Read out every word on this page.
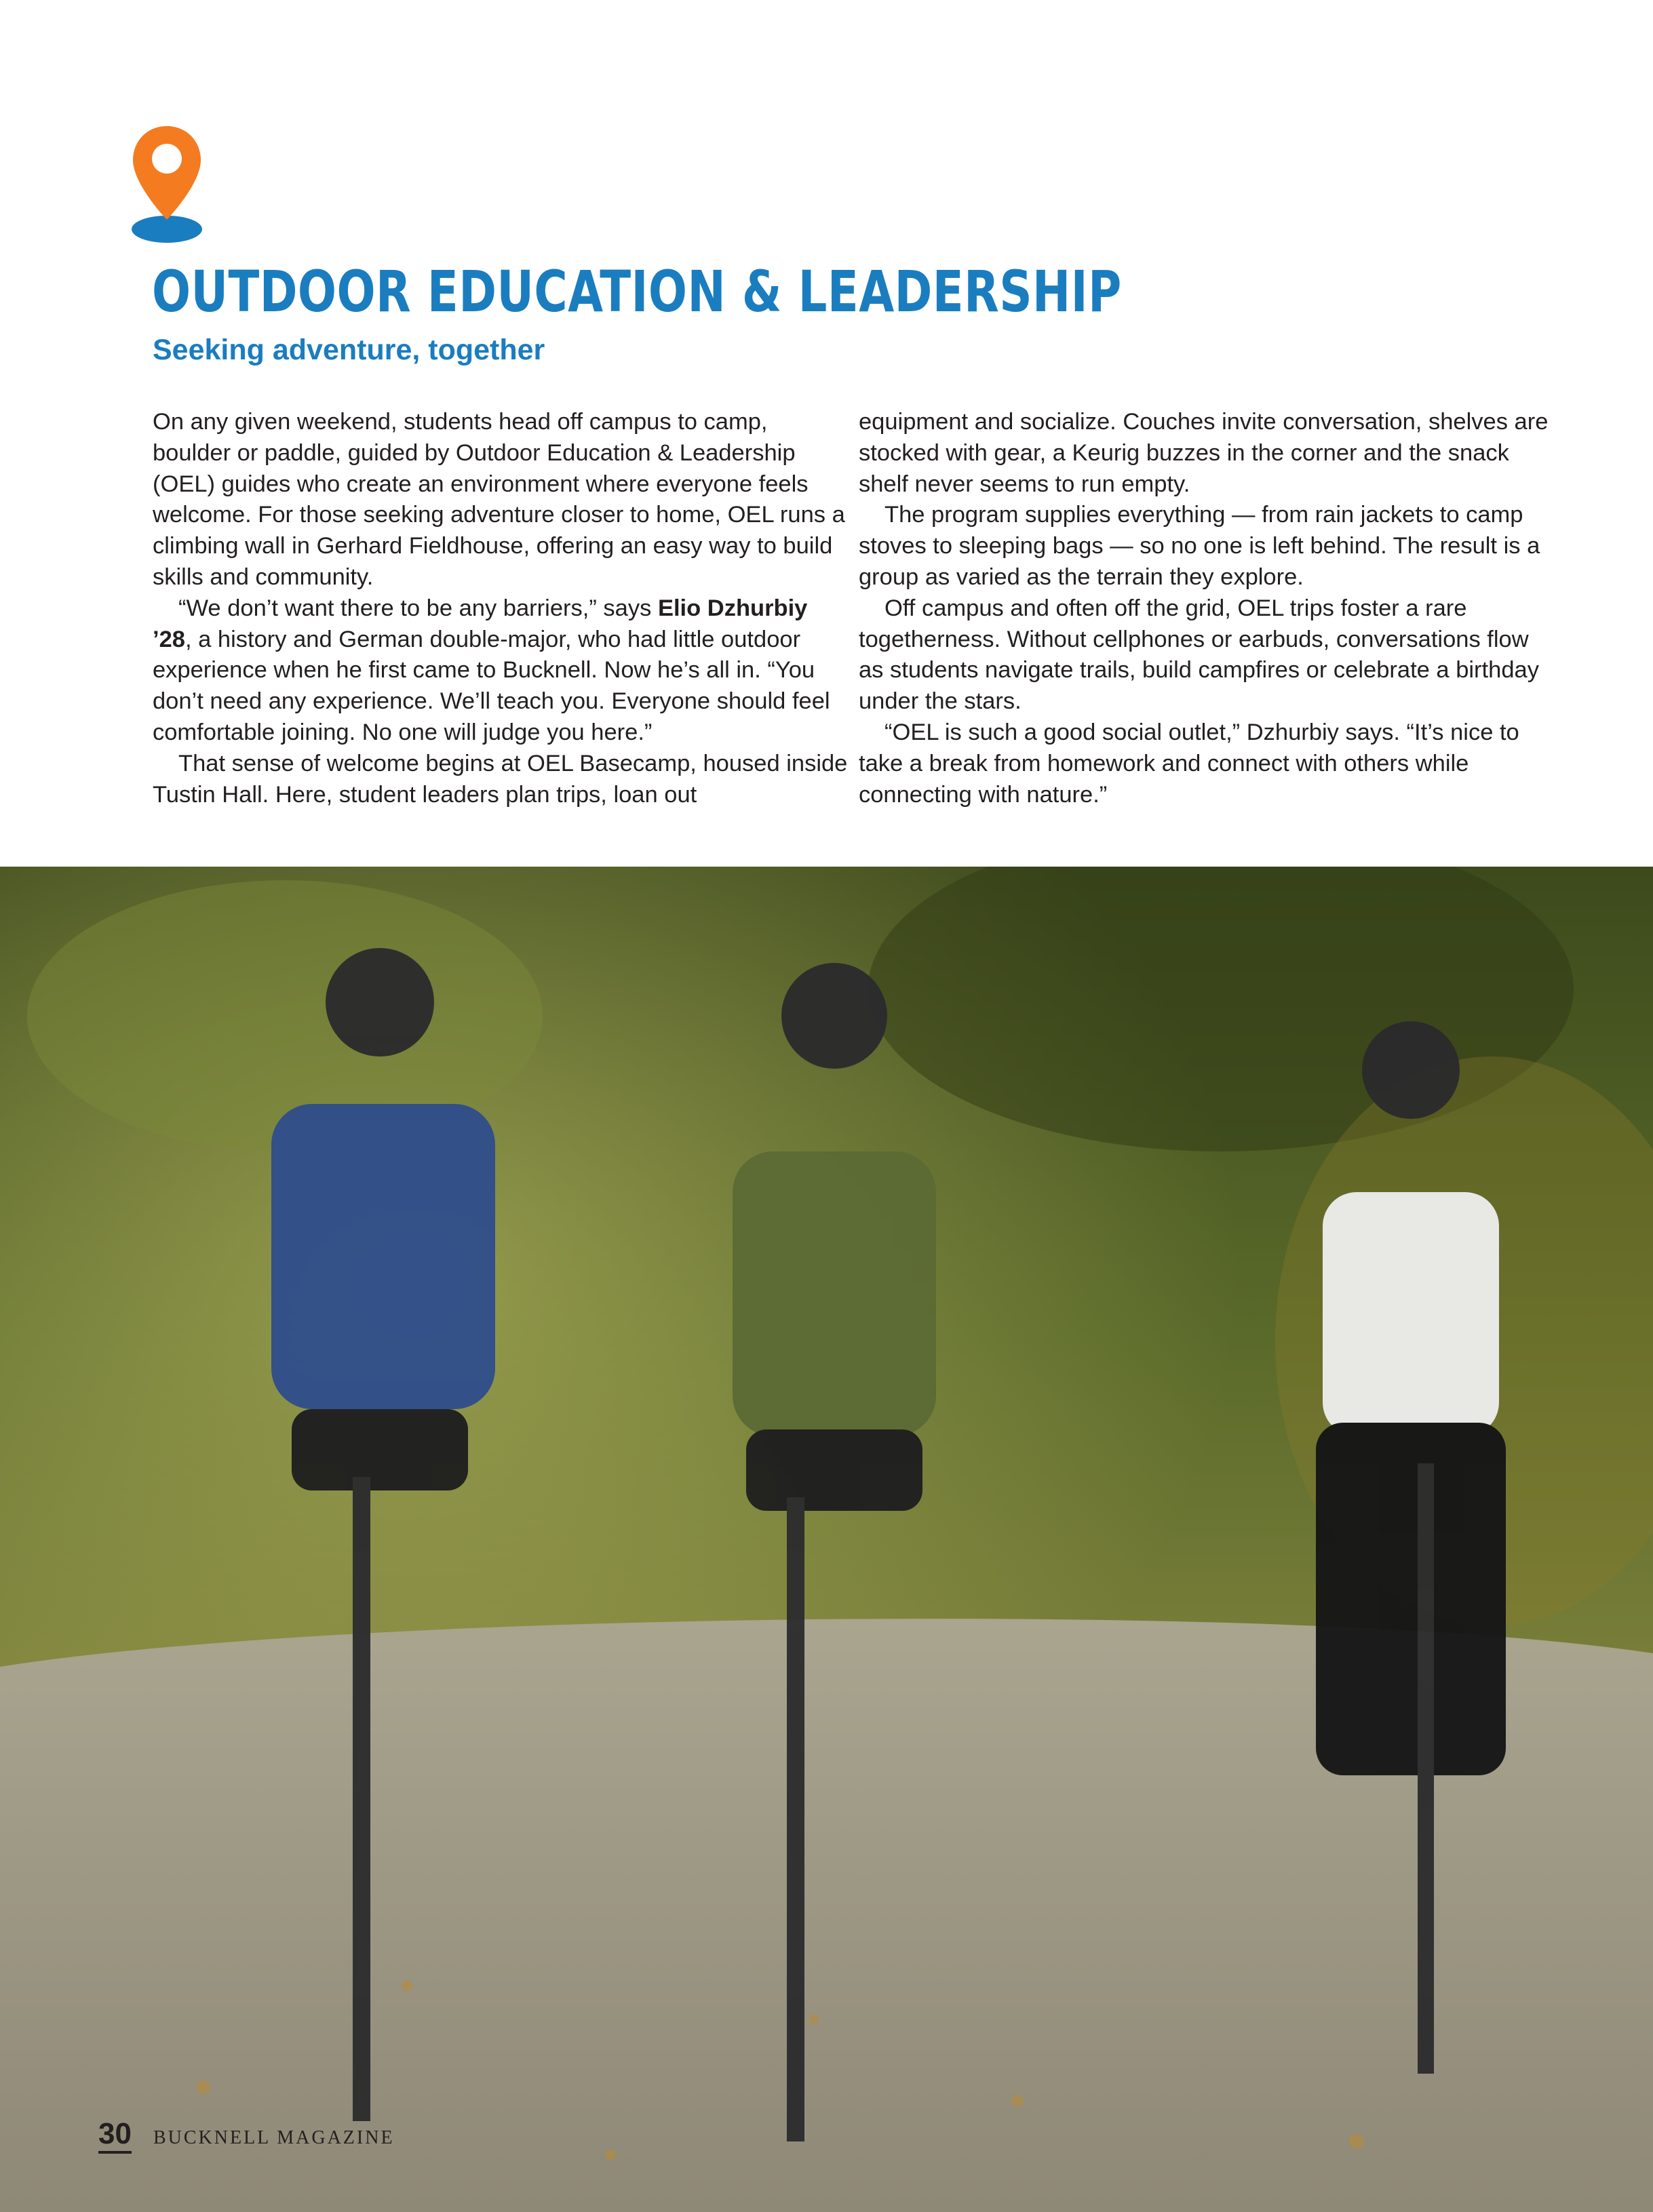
OUTDOOR EDUCATION & LEADERSHIP
Seeking adventure, together

On any given weekend, students head off campus to camp, boulder or paddle, guided by Outdoor Education & Leadership (OEL) guides who create an environment where everyone feels welcome. For those seeking adventure closer to home, OEL runs a climbing wall in Gerhard Fieldhouse, offering an easy way to build skills and community.

“We don’t want there to be any barriers,” says Elio Dzhurbiy ’28, a history and German double-major, who had little outdoor experience when he first came to Bucknell. Now he’s all in. “You don’t need any experience. We’ll teach you. Everyone should feel comfortable joining. No one will judge you here.”

That sense of welcome begins at OEL Basecamp, housed inside Tustin Hall. Here, student leaders plan trips, loan out

equipment and socialize. Couches invite conversation, shelves are stocked with gear, a Keurig buzzes in the corner and the snack shelf never seems to run empty.

The program supplies everything — from rain jackets to camp stoves to sleeping bags — so no one is left behind. The result is a group as varied as the terrain they explore.

Off campus and often off the grid, OEL trips foster a rare togetherness. Without cellphones or earbuds, conversations flow as students navigate trails, build campfires or celebrate a birthday under the stars.

“OEL is such a good social outlet,” Dzhurbiy says. “It’s nice to take a break from homework and connect with others while connecting with nature.”

30 BUCKNELL MAGAZINE
